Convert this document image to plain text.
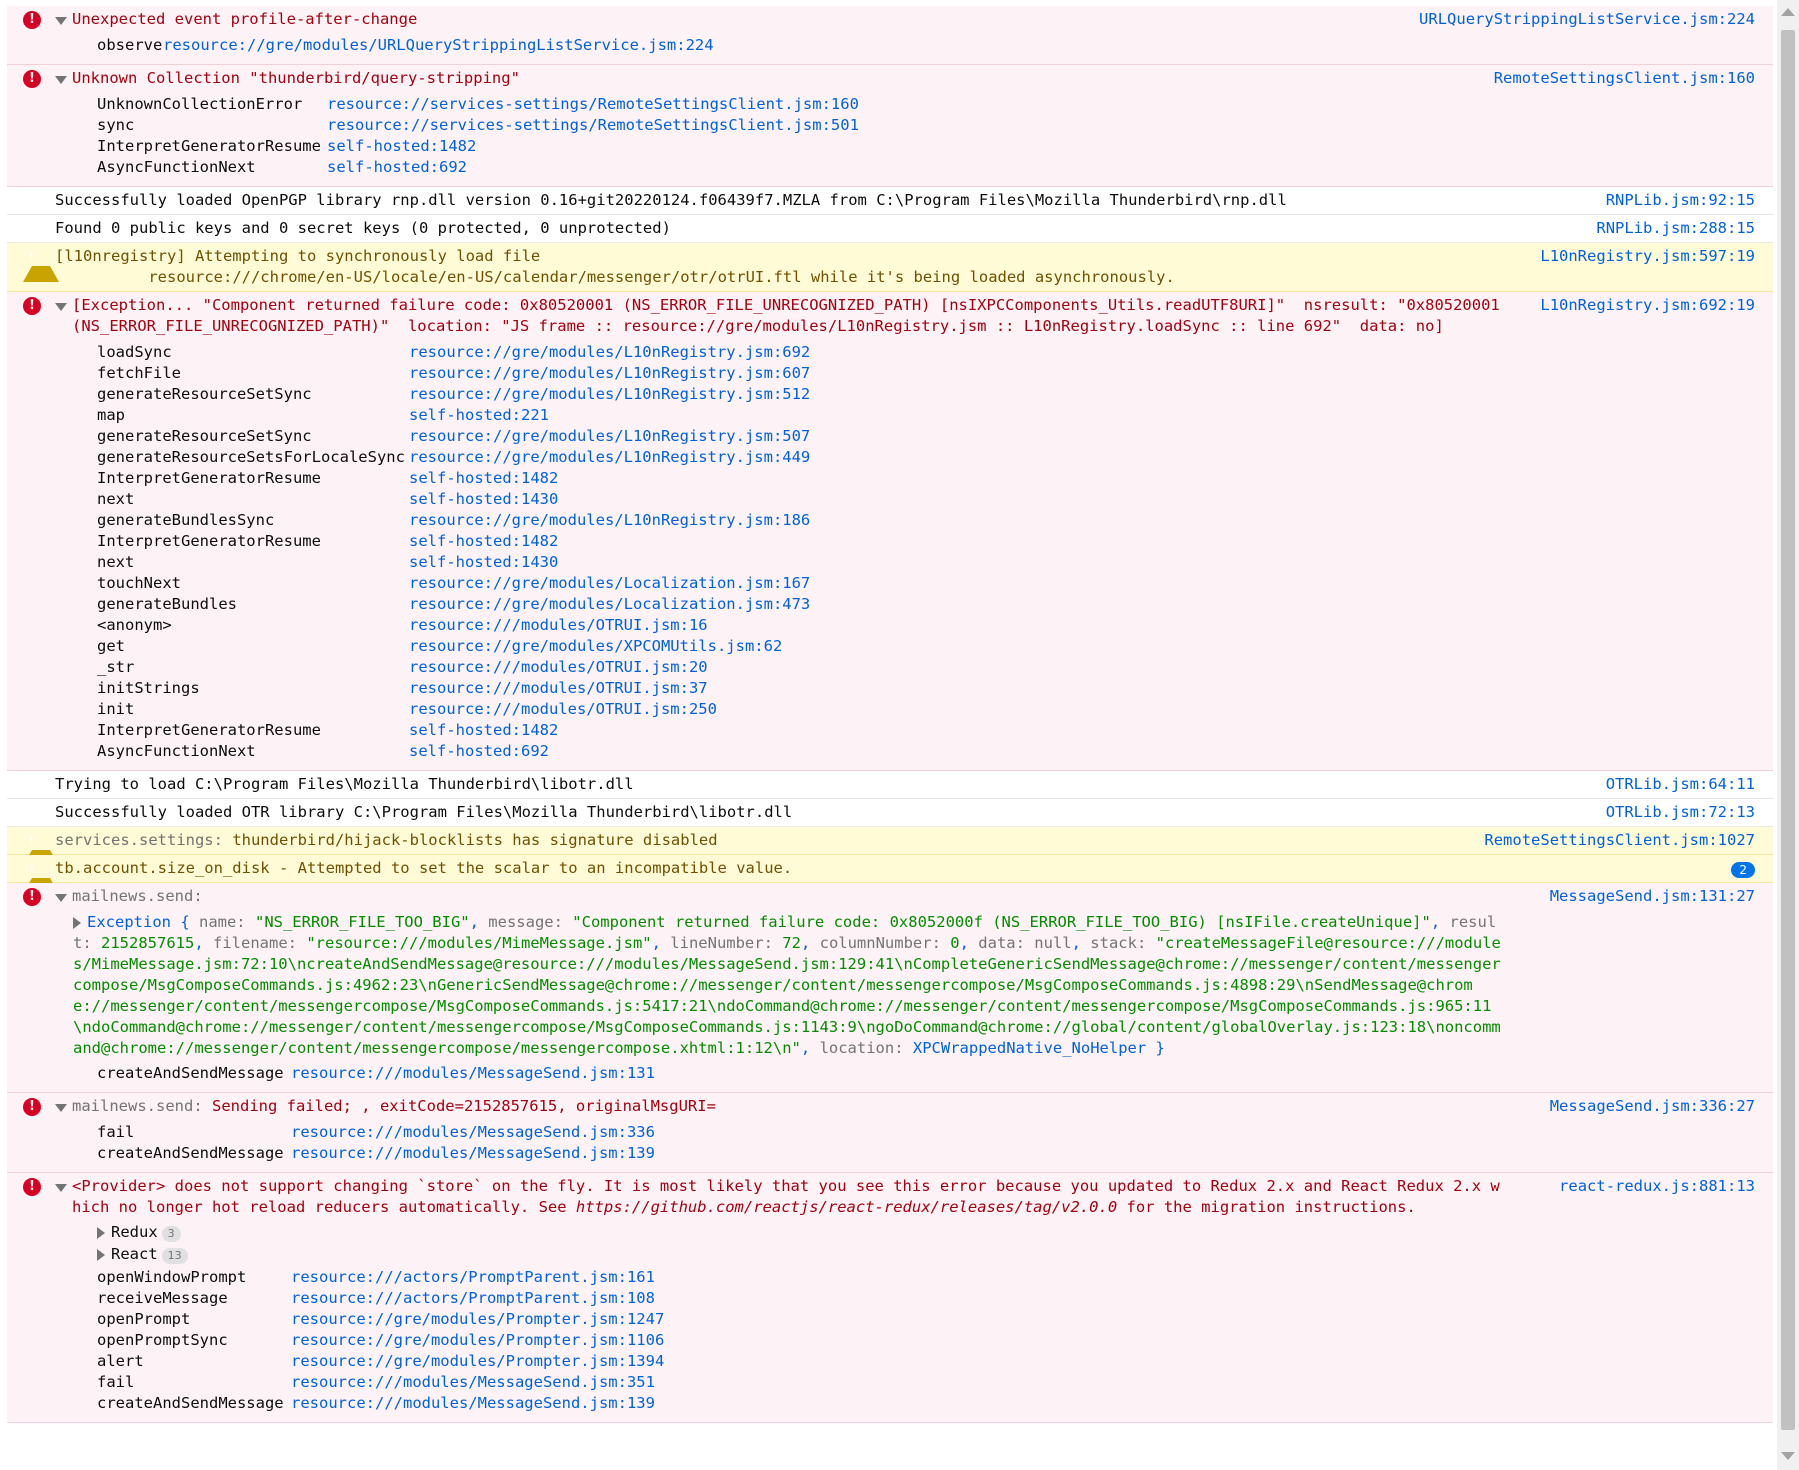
!	Unexpected event profile-after-change	URLQueryStrippingListService.jsm:224
observe resource://gre/modules/URLQueryStrippingListService.jsm:224
!	Unknown Collection "thunderbird/query-stripping"	RemoteSettingsClient.jsm:160
UnknownCollectionError	resource://services-settings/RemoteSettingsClient.jsm:160
sync	resource://services-settings/RemoteSettingsClient.jsm:501
InterpretGeneratorResume self-hosted:1482
AsyncFunctionNext	self-hosted:692
Successfully loaded OpenPGP library rnp.dll version 0.16+git20220124.f06439f7.MZLA from C:\Program Files\Mozilla Thunderbird\rnp.dll	RNPLib.jsm:92:15
Found 0 public keys and 0 secret keys (0 protected, 0 unprotected)	RNPLib.jsm:288:15
!
[l10nregistry] Attempting to synchronously load file
resource:///chrome/en-US/locale/en-US/calendar/messenger/otr/otrUI.ftl while it's being loaded asynchronously.
L10nRegistry.jsm:597:19
!	[Exception... "Component returned failure code: 0x80520001 (NS_ERROR_FILE_UNRECOGNIZED_PATH) [nsIXPCComponents_Utils.readUTF8URI]"  nsresult: "0x80520001 (NS_ERROR_FILE_UNRECOGNIZED_PATH)"  location: "JS frame :: resource://gre/modules/L10nRegistry.jsm :: L10nRegistry.loadSync :: line 692"  data: no]
L10nRegistry.jsm:692:19
loadSync	resource://gre/modules/L10nRegistry.jsm:692
fetchFile	resource://gre/modules/L10nRegistry.jsm:607
generateResourceSetSync	resource://gre/modules/L10nRegistry.jsm:512
map	self-hosted:221
generateResourceSetSync	resource://gre/modules/L10nRegistry.jsm:507
generateResourceSetsForLocaleSync resource://gre/modules/L10nRegistry.jsm:449
InterpretGeneratorResume	self-hosted:1482
next	self-hosted:1430
generateBundlesSync	resource://gre/modules/L10nRegistry.jsm:186
InterpretGeneratorResume	self-hosted:1482
next	self-hosted:1430
touchNext	resource://gre/modules/Localization.jsm:167
generateBundles	resource://gre/modules/Localization.jsm:473
<anonym>	resource:///modules/OTRUI.jsm:16
get	resource://gre/modules/XPCOMUtils.jsm:62
_str	resource:///modules/OTRUI.jsm:20
initStrings	resource:///modules/OTRUI.jsm:37
init	resource:///modules/OTRUI.jsm:250
InterpretGeneratorResume	self-hosted:1482
AsyncFunctionNext	self-hosted:692
Trying to load C:\Program Files\Mozilla Thunderbird\libotr.dll	OTRLib.jsm:64:11
Successfully loaded OTR library C:\Program Files\Mozilla Thunderbird\libotr.dll	OTRLib.jsm:72:13
!
services.settings: thunderbird/hijack-blocklists has signature disabled	RemoteSettingsClient.jsm:1027
!
tb.account.size_on_disk - Attempted to set the scalar to an incompatible value.	2
!	mailnews.send:	MessageSend.jsm:131:27
Exception { name: "NS_ERROR_FILE_TOO_BIG", message: "Component returned failure code: 0x8052000f (NS_ERROR_FILE_TOO_BIG) [nsIFile.createUnique]", result: 2152857615, filename: "resource:///modules/MimeMessage.jsm", lineNumber: 72, columnNumber: 0, data: null, stack: "createMessageFile@resource:///modules/MimeMessage.jsm:72:10\ncreateAndSendMessage@resource:///modules/MessageSend.jsm:129:41\nCompleteGenericSendMessage@chrome://messenger/content/messengercompose/MsgComposeCommands.js:4962:23\nGenericSendMessage@chrome://messenger/content/messengercompose/MsgComposeCommands.js:4898:29\nSendMessage@chrome://messenger/content/messengercompose/MsgComposeCommands.js:5417:21\ndoCommand@chrome://messenger/content/messengercompose/MsgComposeCommands.js:965:11\ndoCommand@chrome://messenger/content/messengercompose/MsgComposeCommands.js:1143:9\ngoDoCommand@chrome://global/content/globalOverlay.js:123:18\noncommand@chrome://messenger/content/messengercompose/messengercompose.xhtml:1:12\n", location: XPCWrappedNative_NoHelper }
createAndSendMessage resource:///modules/MessageSend.jsm:131
!	mailnews.send: Sending failed; , exitCode=2152857615, originalMsgURI=	MessageSend.jsm:336:27
fail	resource:///modules/MessageSend.jsm:336
createAndSendMessage resource:///modules/MessageSend.jsm:139
!	<Provider> does not support changing `store` on the fly. It is most likely that you see this error because you updated to Redux 2.x and React Redux 2.x which no longer hot reload reducers automatically. See https://github.com/reactjs/react-redux/releases/tag/v2.0.0 for the migration instructions.
react-redux.js:881:13
Redux 3
React 13
openWindowPrompt	resource:///actors/PromptParent.jsm:161
receiveMessage	resource:///actors/PromptParent.jsm:108
openPrompt	resource://gre/modules/Prompter.jsm:1247
openPromptSync	resource://gre/modules/Prompter.jsm:1106
alert	resource://gre/modules/Prompter.jsm:1394
fail	resource:///modules/MessageSend.jsm:351
createAndSendMessage resource:///modules/MessageSend.jsm:139
